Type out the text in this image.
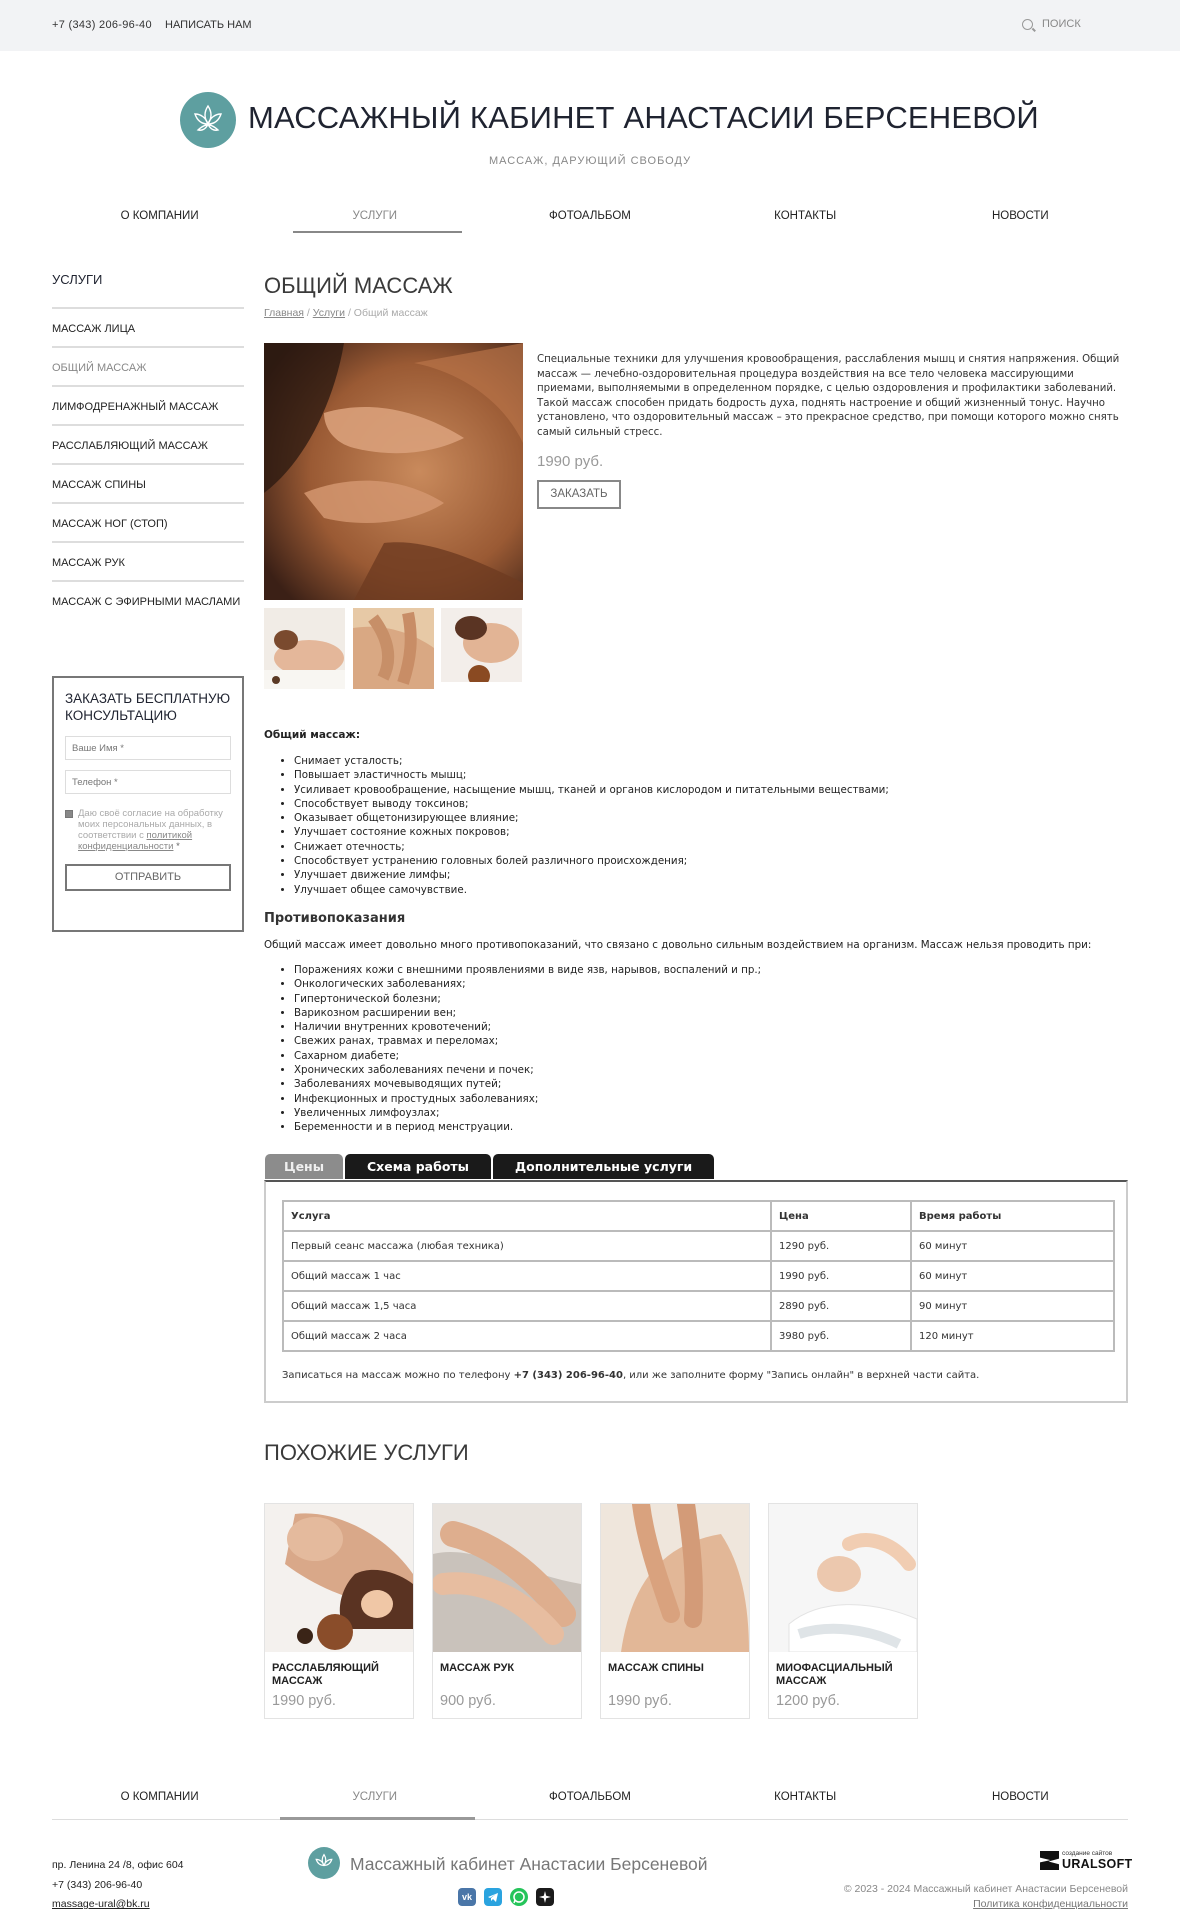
+7 (343) 206-96-40 НАПИСАТЬ НАМ	ПОИСК
МАССАЖНЫЙ КАБИНЕТ АНАСТАСИИ БЕРСЕНЕВОЙ
МАССАЖ, ДАРУЮЩИЙ СВОБОДУ
О КОМПАНИИ	УСЛУГИ	ФОТОАЛЬБОМ	КОНТАКТЫ	НОВОСТИ
УСЛУГИ
МАССАЖ ЛИЦА
ОБЩИЙ МАССАЖ
ЛИМФОДРЕНАЖНЫЙ МАССАЖ
РАССЛАБЛЯЮЩИЙ МАССАЖ
МАССАЖ СПИНЫ
МАССАЖ НОГ (СТОП)
МАССАЖ РУК
МАССАЖ С ЭФИРНЫМИ МАСЛАМИ
ЗАКАЗАТЬ БЕСПЛАТНУЮ КОНСУЛЬТАЦИЮ
Ваше Имя *
Телефон *
Даю своё согласие на обработку моих персональных данных, в соответствии с политикой конфиденциальности *
ОТПРАВИТЬ
ОБЩИЙ МАССАЖ
Главная / Услуги / Общий массаж
Специальные техники для улучшения кровообращения, расслабления мышц и снятия напряжения. Общий массаж — лечебно-оздоровительная процедура воздействия на все тело человека массирующими приемами, выполняемыми в определенном порядке, с целью оздоровления и профилактики заболеваний. Такой массаж способен придать бодрость духа, поднять настроение и общий жизненный тонус. Научно установлено, что оздоровительный массаж – это прекрасное средство, при помощи которого можно снять самый сильный стресс.
1990 руб.
ЗАКАЗАТЬ
Общий массаж:
• Снимает усталость;
• Повышает эластичность мышц;
• Усиливает кровообращение, насыщение мышц, тканей и органов кислородом и питательными веществами;
• Способствует выводу токсинов;
• Оказывает общетонизирующее влияние;
• Улучшает состояние кожных покровов;
• Снижает отечность;
• Способствует устранению головных болей различного происхождения;
• Улучшает движение лимфы;
• Улучшает общее самочувствие.
Противопоказания
Общий массаж имеет довольно много противопоказаний, что связано с довольно сильным воздействием на организм. Массаж нельзя проводить при:
• Поражениях кожи с внешними проявлениями в виде язв, нарывов, воспалений и пр.;
• Онкологических заболеваниях;
• Гипертонической болезни;
• Варикозном расширении вен;
• Наличии внутренних кровотечений;
• Свежих ранах, травмах и переломах;
• Сахарном диабете;
• Хронических заболеваниях печени и почек;
• Заболеваниях мочевыводящих путей;
• Инфекционных и простудных заболеваниях;
• Увеличенных лимфоузлах;
• Беременности и в период менструации.
Цены	Схема работы	Дополнительные услуги
Услуга	Цена	Время работы
Первый сеанс массажа (любая техника)	1290 руб.	60 минут
Общий массаж 1 час	1990 руб.	60 минут
Общий массаж 1,5 часа	2890 руб.	90 минут
Общий массаж 2 часа	3980 руб.	120 минут
Записаться на массаж можно по телефону +7 (343) 206-96-40, или же заполните форму "Запись онлайн" в верхней части сайта.
ПОХОЖИЕ УСЛУГИ
РАССЛАБЛЯЮЩИЙ МАССАЖ
1990 руб.
МАССАЖ РУК
900 руб.
МАССАЖ СПИНЫ
1990 руб.
МИОФАСЦИАЛЬНЫЙ МАССАЖ
1200 руб.
О КОМПАНИИ	УСЛУГИ	ФОТОАЛЬБОМ	КОНТАКТЫ	НОВОСТИ
пр. Ленина 24 /8, офис 604
+7 (343) 206-96-40
massage-ural@bk.ru
Массажный кабинет Анастасии Берсеневой
vk
создание сайтов
URALSOFT
© 2023 - 2024 Массажный кабинет Анастасии Берсеневой
Политика конфиденциальности
